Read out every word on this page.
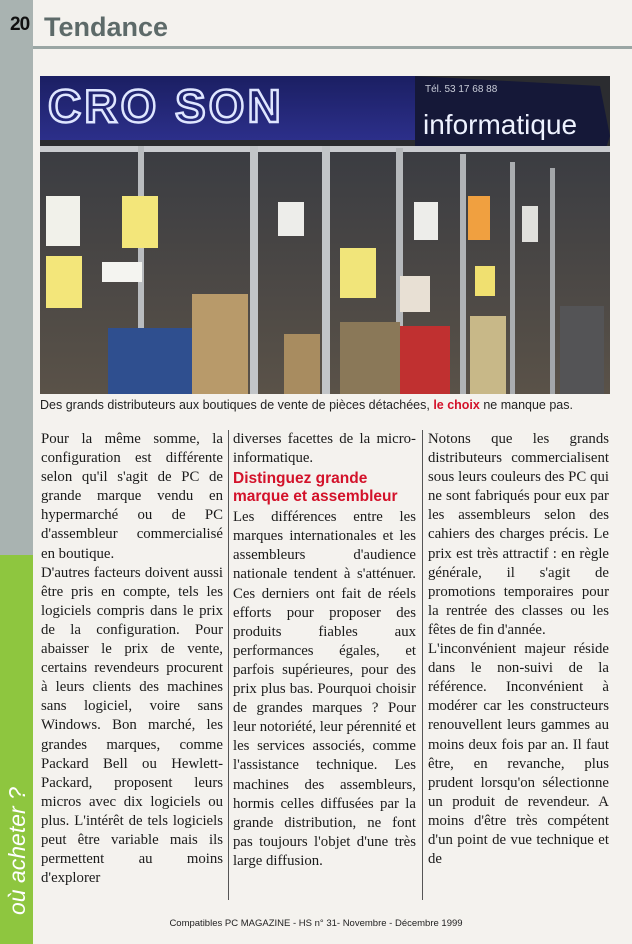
où acheter ?
20 Tendance
CRO SON	Tél. 53 17 68 88
informatique
Des grands distributeurs aux boutiques de vente de pièces détachées, le choix ne manque pas.

Pour la même somme, la configuration est différente selon qu'il s'agit de PC de grande marque vendu en hypermarché ou de PC d'assembleur commercialisé en boutique.

D'autres facteurs doivent aussi être pris en compte, tels les logiciels compris dans le prix de la configuration. Pour abaisser le prix de vente, certains revendeurs procurent à leurs clients des machines sans logiciel, voire sans Windows. Bon marché, les grandes marques, comme Packard Bell ou Hewlett-Packard, proposent leurs micros avec dix logiciels ou plus. L'intérêt de tels logiciels peut être variable mais ils permettent au moins d'explorer

diverses facettes de la micro-informatique.

Distinguez grande marque et assembleur

Les différences entre les marques internationales et les assembleurs d'audience nationale tendent à s'atténuer. Ces derniers ont fait de réels efforts pour proposer des produits fiables aux performances égales, et parfois supérieures, pour des prix plus bas. Pourquoi choisir de grandes marques ? Pour leur notoriété, leur pérennité et les services associés, comme l'assistance technique. Les machines des assembleurs, hormis celles diffusées par la grande distribution, ne font pas toujours l'objet d'une très large diffusion.

Notons que les grands distributeurs commercialisent sous leurs couleurs des PC qui ne sont fabriqués pour eux par les assembleurs selon des cahiers des charges précis. Le prix est très attractif : en règle générale, il s'agit de promotions temporaires pour la rentrée des classes ou les fêtes de fin d'année.

L'inconvénient majeur réside dans le non-suivi de la référence. Inconvénient à modérer car les constructeurs renouvellent leurs gammes au moins deux fois par an. Il faut être, en revanche, plus prudent lorsqu'on sélectionne un produit de revendeur. A moins d'être très compétent d'un point de vue technique et de

Compatibles PC MAGAZINE - HS n° 31- Novembre - Décembre 1999
